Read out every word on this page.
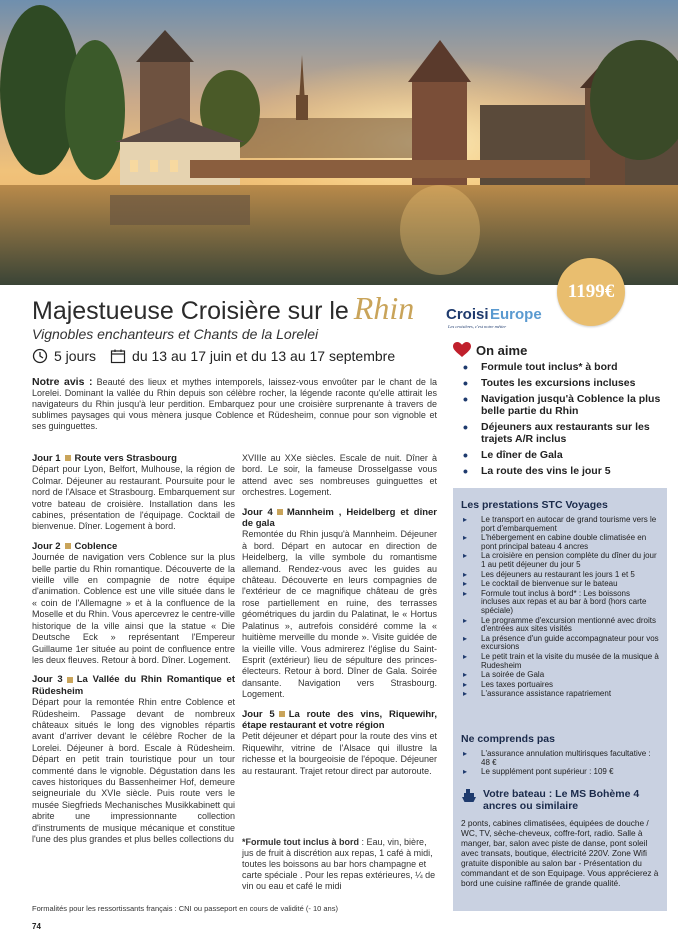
1199€
Majestueuse Croisière sur le Rhin Croisi Europe
Les croisières, c'est notre métier
Vignobles enchanteurs et Chants de la Lorelei
5 jours	du 13 au 17 juin et du 13 au 17 septembre
Notre avis : Beauté des lieux et mythes intemporels, laissez-vous envoûter par le chant de la Lorelei. Dominant la vallée du Rhin depuis son célèbre rocher, la légende raconte qu'elle attirait les navigateurs du Rhin jusqu'à leur perdition. Embarquez pour une croisière surprenante à travers de sublimes paysages qui vous mènera jusque Coblence et Rüdesheim, connue pour son vignoble et ses guinguettes.
Jour 1 Route vers Strasbourg
Départ pour Lyon, Belfort, Mulhouse, la région de Colmar. Déjeuner au restaurant. Poursuite pour le nord de l'Alsace et Strasbourg. Embarquement sur votre bateau de croisière. Installation dans les cabines, présentation de l'équipage. Cocktail de bienvenue. Dîner. Logement à bord.
Jour 2 Coblence
Journée de navigation vers Coblence sur la plus belle partie du Rhin romantique. Découverte de la vieille ville en compagnie de notre équipe d'animation. Coblence est une ville située dans le « coin de l'Allemagne » et à la confluence de la Moselle et du Rhin. Vous apercevrez le centre-ville historique de la ville ainsi que la statue « Die Deutsche Eck » représentant l'Empereur Guillaume 1er située au point de confluence entre les deux fleuves. Retour à bord. Dîner. Logement.
Jour 3 La Vallée du Rhin Romantique et Rüdesheim
Départ pour la remontée Rhin entre Coblence et Rüdesheim. Passage devant de nombreux châteaux situés le long des vignobles répartis avant d'arriver devant le célèbre Rocher de la Lorelei. Déjeuner à bord. Escale à Rüdesheim. Départ en petit train touristique pour un tour commenté dans le vignoble. Dégustation dans les caves historiques du Bassenheimer Hof, demeure seigneuriale du XVIe siècle. Puis route vers le musée Siegfrieds Mechanisches Musikkabinett qui abrite une impressionnante collection d'instruments de musique mécanique et constitue l'une des plus grandes et plus belles collections du
XVIIIe au XXe siècles. Escale de nuit. Dîner à bord. Le soir, la fameuse Drosselgasse vous attend avec ses nombreuses guinguettes et orchestres. Logement.
Jour 4 Mannheim , Heidelberg et dîner de gala
Remontée du Rhin jusqu'à Mannheim. Déjeuner à bord. Départ en autocar en direction de Heidelberg, la ville symbole du romantisme allemand. Rendez-vous avec les guides au château. Découverte en leurs compagnies de l'extérieur de ce magnifique château de grès rose partiellement en ruine, des terrasses géométriques du jardin du Palatinat, le « Hortus Palatinus », autrefois considéré comme la « huitième merveille du monde ». Visite guidée de la vieille ville. Vous admirerez l'église du Saint-Esprit (extérieur) lieu de sépulture des princes-électeurs. Retour à bord. Dîner de Gala. Soirée dansante. Navigation vers Strasbourg. Logement.
Jour 5 La route des vins, Riquewihr, étape restaurant et votre région
Petit déjeuner et départ pour la route des vins et Riquewihr, vitrine de l'Alsace qui illustre la richesse et la bourgeoisie de l'époque. Déjeuner au restaurant. Trajet retour direct par autoroute.
*Formule tout inclus à bord : Eau, vin, bière, jus de fruit à discrétion aux repas, 1 café à midi, toutes les boissons au bar hors champagne et carte spéciale . Pour les repas extérieures, ¼ de vin ou eau et café le midi
On aime
• Formule tout inclus* à bord
• Toutes les excursions incluses
• Navigation jusqu'à Coblence la plus belle partie du Rhin
• Déjeuners aux restaurants sur les trajets A/R inclus
• Le dîner de Gala
• La route des vins le jour 5
Les prestations STC Voyages
▸ Le transport en autocar de grand tourisme vers le port d'embarquement
▸ L'hébergement en cabine double climatisée en pont principal bateau 4 ancres
▸ La croisière en pension complète du dîner du jour 1 au petit déjeuner du jour 5
▸ Les déjeuners au restaurant les jours 1 et 5
▸ Le cocktail de bienvenue sur le bateau
▸ Formule tout inclus à bord* : Les boissons incluses aux repas et au bar à bord (hors carte spéciale)
▸ Le programme d'excursion mentionné avec droits d'entrées aux sites visités
▸ La présence d'un guide accompagnateur pour vos excursions
▸ Le petit train et la visite du musée de la musique à Rudesheim
▸ La soirée de Gala
▸ Les taxes portuaires
▸ L'assurance assistance rapatriement
Ne comprends pas
▸ L'assurance annulation multirisques facultative : 48 €
▸ Le supplément pont supérieur : 109 €
Votre bateau : Le MS Bohème 4 ancres ou similaire
2 ponts, cabines climatisées, équipées de douche / WC, TV, sèche-cheveux, coffre-fort, radio. Salle à manger, bar, salon avec piste de danse, pont soleil avec transats, boutique, électricité 220V. Zone Wifi gratuite disponible au salon bar - Présentation du commandant et de son Equipage. Vous apprécierez à bord une cuisine raffinée de grande qualité.
Formalités pour les ressortissants français : CNI ou passeport en cours de validité (- 10 ans)
74
